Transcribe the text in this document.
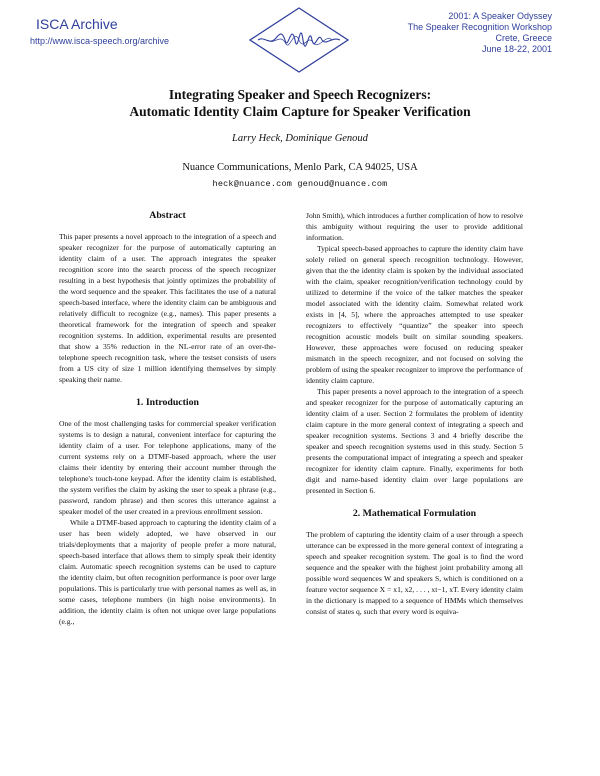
ISCA Archive
http://www.isca-speech.org/archive
2001: A Speaker Odyssey
The Speaker Recognition Workshop
Crete, Greece
June 18-22, 2001
Integrating Speaker and Speech Recognizers:
Automatic Identity Claim Capture for Speaker Verification
Larry Heck, Dominique Genoud
Nuance Communications, Menlo Park, CA 94025, USA
heck@nuance.com genoud@nuance.com
Abstract

This paper presents a novel approach to the integration of a speech and speaker recognizer for the purpose of automatically capturing an identity claim of a user. The approach integrates the speaker recognition score into the search process of the speech recognizer resulting in a best hypothesis that jointly optimizes the probability of the word sequence and the speaker. This facilitates the use of a natural speech-based interface, where the identity claim can be ambiguous and relatively difficult to recognize (e.g., names). This paper presents a theoretical framework for the integration of speech and speaker recognition systems. In addition, experimental results are presented that show a 35% reduction in the NL-error rate of an over-the-telephone speech recognition task, where the testset consists of users from a US city of size 1 million identifying themselves by simply speaking their name.

1. Introduction

One of the most challenging tasks for commercial speaker verification systems is to design a natural, convenient interface for capturing the identity claim of a user. For telephone applications, many of the current systems rely on a DTMF-based approach, where the user claims their identity by entering their account number through the telephone's touch-tone keypad. After the identity claim is established, the system verifies the claim by asking the user to speak a phrase (e.g., password, random phrase) and then scores this utterance against a speaker model of the user created in a previous enrollment session.

While a DTMF-based approach to capturing the identity claim of a user has been widely adopted, we have observed in our trials/deployments that a majority of people prefer a more natural, speech-based interface that allows them to simply speak their identity claim. Automatic speech recognition systems can be used to capture the identity claim, but often recognition performance is poor over large populations. This is particularly true with personal names as well as, in some cases, telephone numbers (in high noise environments). In addition, the identity claim is often not unique over large populations (e.g.,

John Smith), which introduces a further complication of how to resolve this ambiguity without requiring the user to provide additional information.

Typical speech-based approaches to capture the identity claim have solely relied on general speech recognition technology. However, given that the the identity claim is spoken by the individual associated with the claim, speaker recognition/verification technology could by utilized to determine if the voice of the talker matches the speaker model associated with the identity claim. Somewhat related work exists in [4, 5], where the approaches attempted to use speaker recognizers to effectively “quantize” the speaker into speech recognition acoustic models built on similar sounding speakers. However, these approaches were focused on reducing speaker mismatch in the speech recognizer, and not focused on solving the problem of using the speaker recognizer to improve the performance of identity claim capture.

This paper presents a novel approach to the integration of a speech and speaker recognizer for the purpose of automatically capturing an identity claim of a user. Section 2 formulates the problem of identity claim capture in the more general context of integrating a speech and speaker recognition systems. Sections 3 and 4 briefly describe the speaker and speech recognition systems used in this study. Section 5 presents the computational impact of integrating a speech and speaker recognizer for identity claim capture. Finally, experiments for both digit and name-based identity claim over large populations are presented in Section 6.

2. Mathematical Formulation

The problem of capturing the identity claim of a user through a speech utterance can be expressed in the more general context of integrating a speech and speaker recognition system. The goal is to find the word sequence and the speaker with the highest joint probability among all possible word sequences W and speakers S, which is conditioned on a feature vector sequence X = x1, x2, . . . , xt−1, xT. Every identity claim in the dictionary is mapped to a sequence of HMMs which themselves consist of states q, such that every word is equiva-
